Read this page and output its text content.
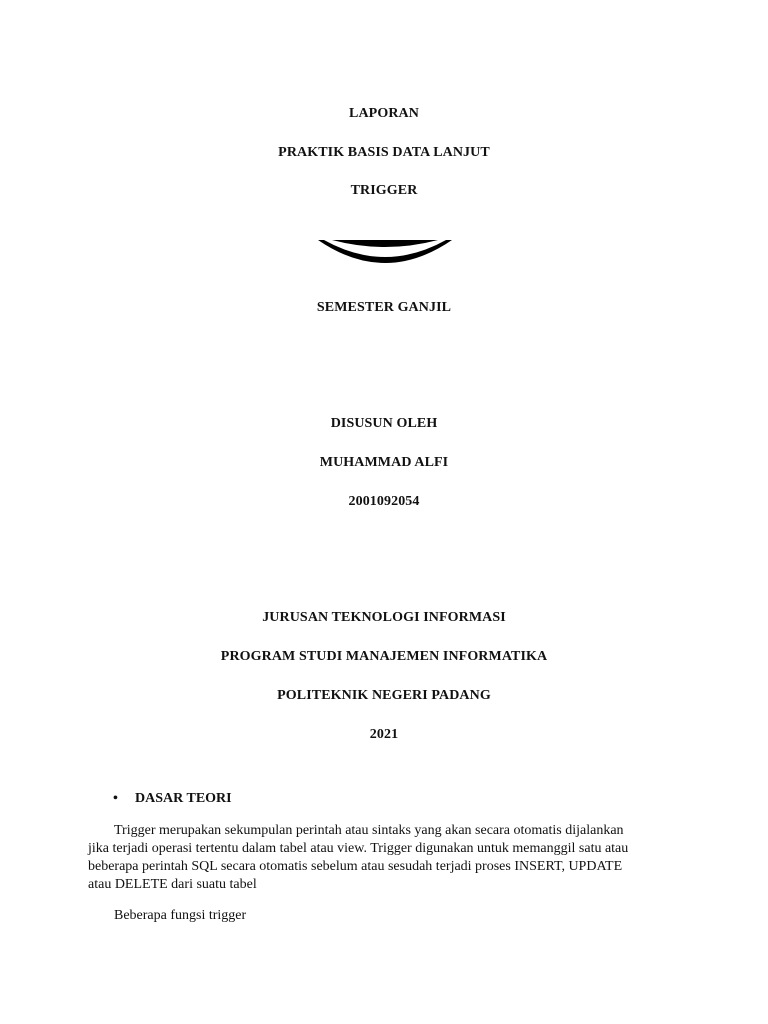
LAPORAN
PRAKTIK BASIS DATA LANJUT
TRIGGER
SEMESTER GANJIL
DISUSUN OLEH
MUHAMMAD ALFI
2001092054
JURUSAN TEKNOLOGI INFORMASI
PROGRAM STUDI MANAJEMEN INFORMATIKA
POLITEKNIK NEGERI PADANG
2021
• DASAR TEORI
Trigger merupakan sekumpulan perintah atau sintaks yang akan secara otomatis dijalankan
jika terjadi operasi tertentu dalam tabel atau view. Trigger digunakan untuk memanggil satu atau
beberapa perintah SQL secara otomatis sebelum atau sesudah terjadi proses INSERT, UPDATE
atau DELETE dari suatu tabel
Beberapa fungsi trigger
